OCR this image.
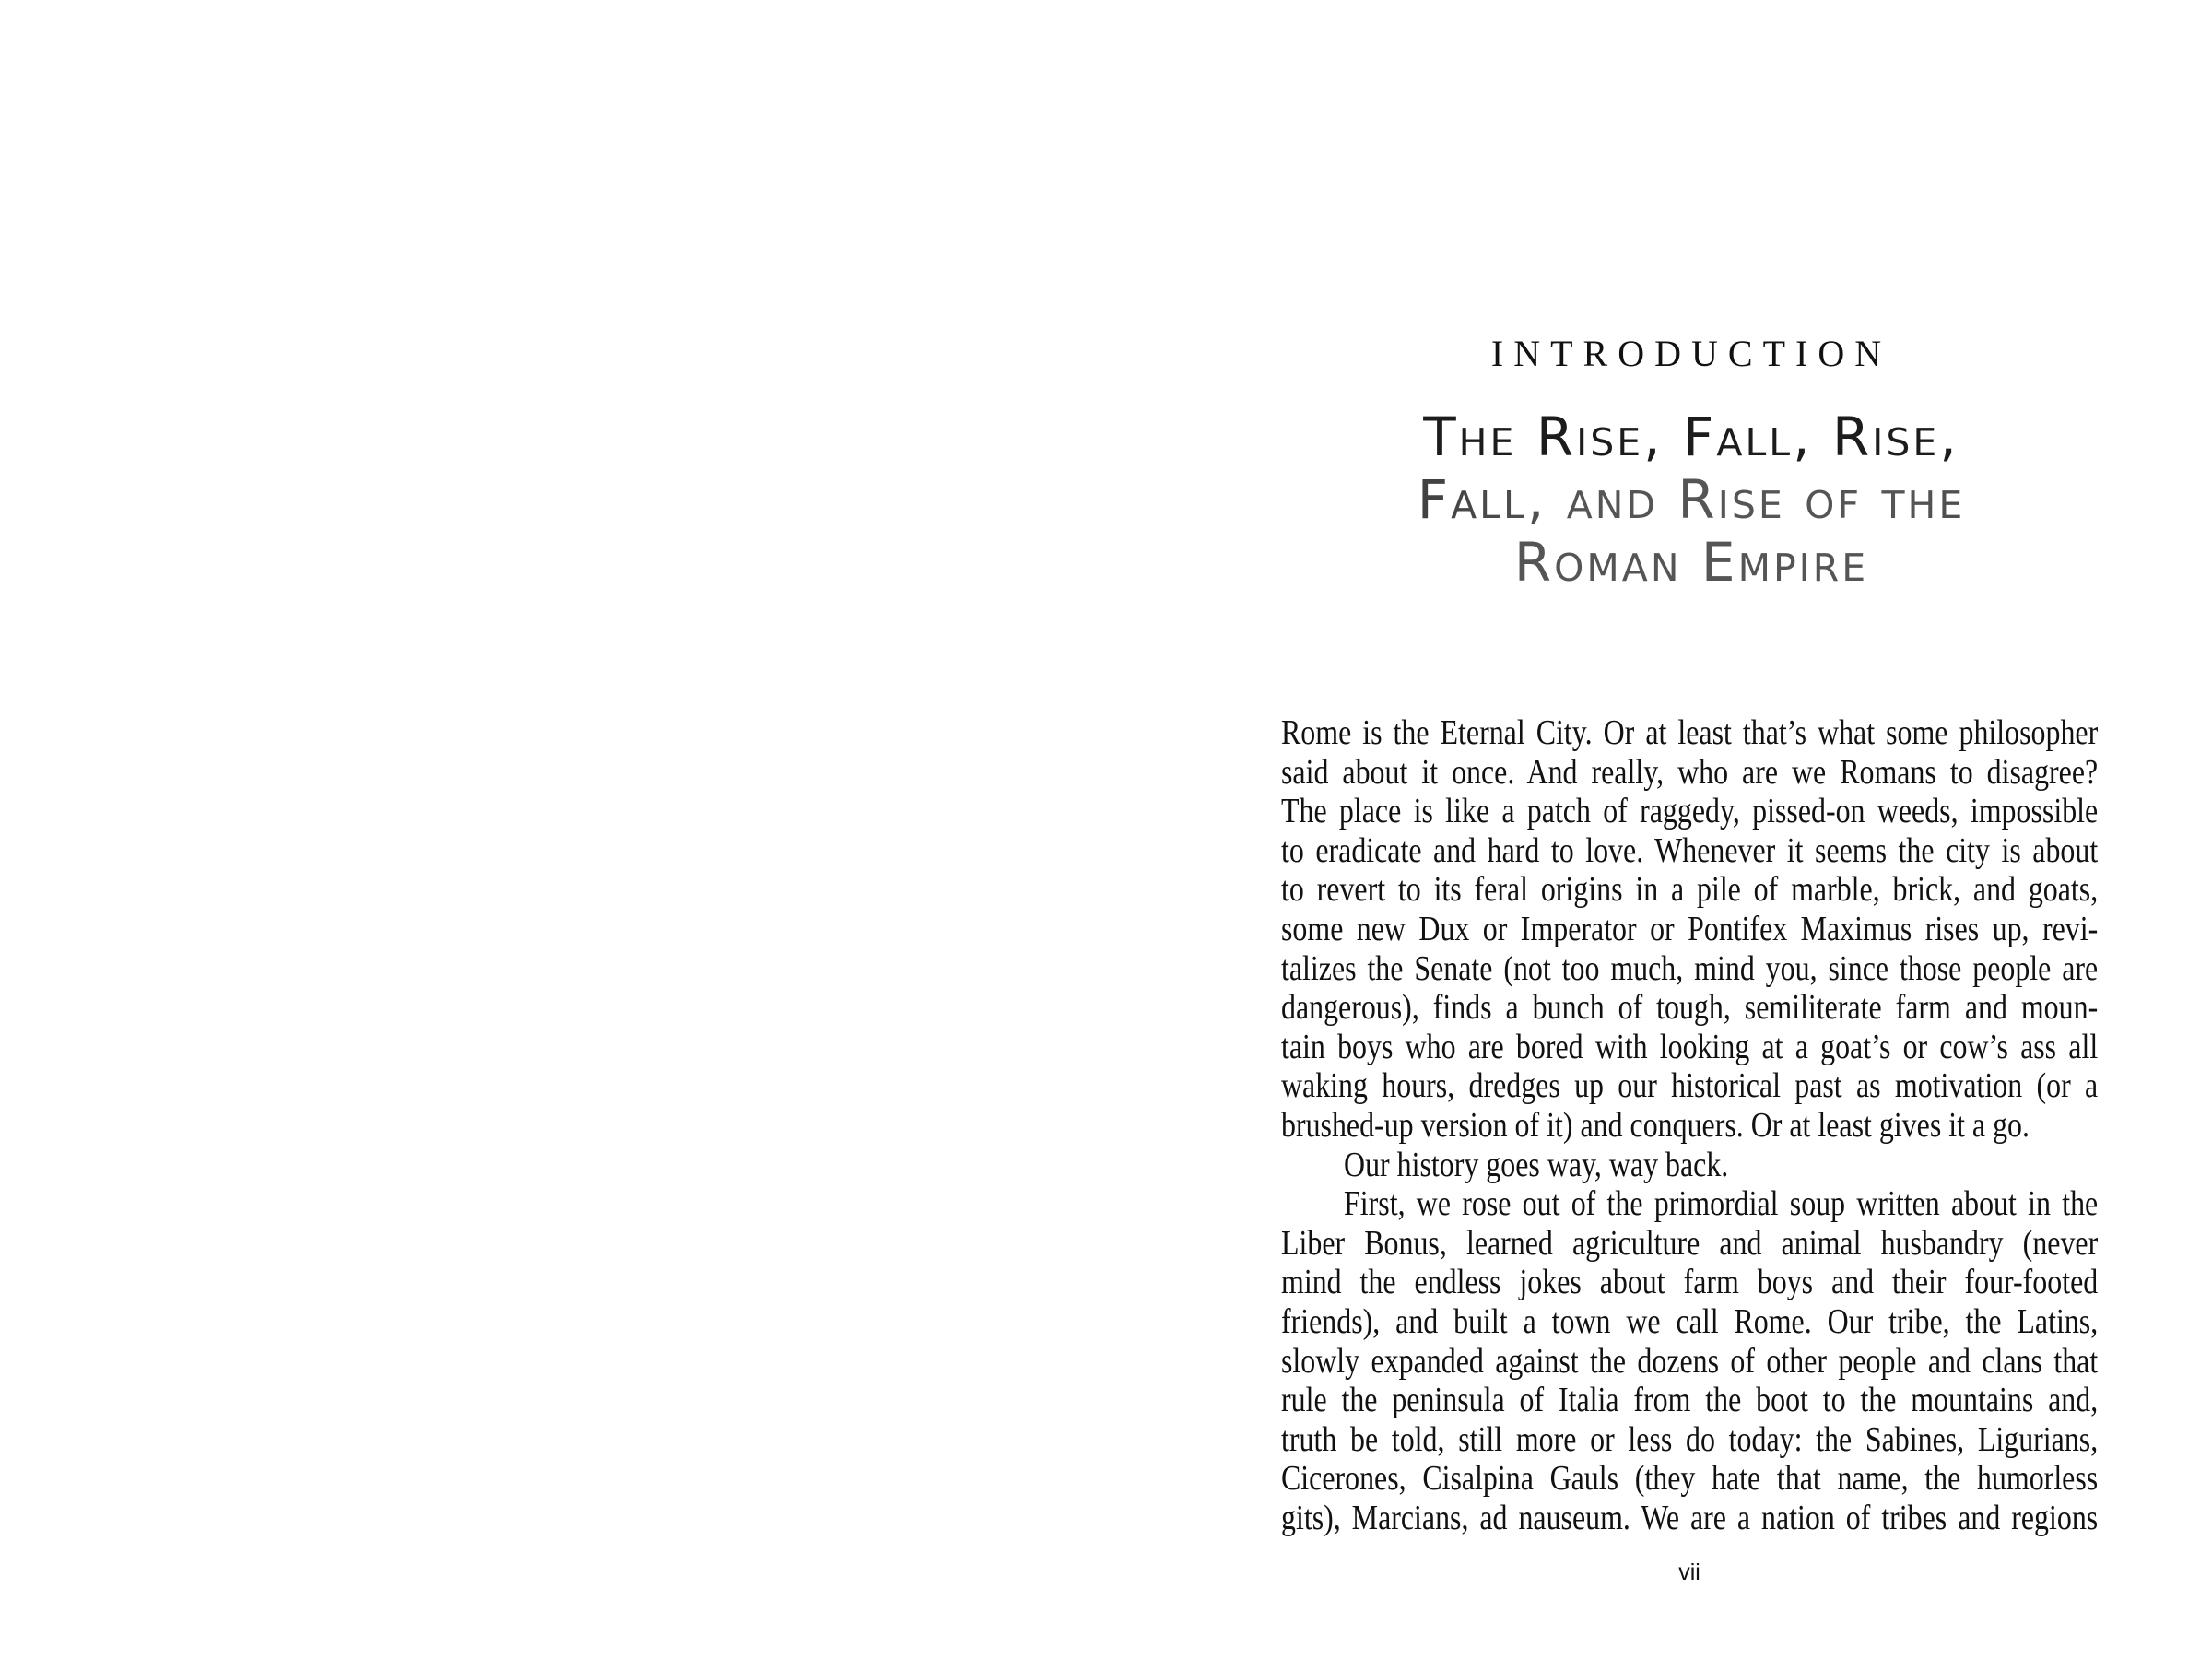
INTRODUCTION
The Rise, Fall, Rise,
Fall, and Rise of the
Roman Empire
Rome is the Eternal City. Or at least that’s what some philosopher
said about it once. And really, who are we Romans to disagree?
The place is like a patch of raggedy, pissed-on weeds, impossible
to eradicate and hard to love. Whenever it seems the city is about
to revert to its feral origins in a pile of marble, brick, and goats,
some new Dux or Imperator or Pontifex Maximus rises up, revi-
talizes the Senate (not too much, mind you, since those people are
dangerous), finds a bunch of tough, semiliterate farm and moun-
tain boys who are bored with looking at a goat’s or cow’s ass all
waking hours, dredges up our historical past as motivation (or a
brushed-up version of it) and conquers. Or at least gives it a go.
Our history goes way, way back.
First, we rose out of the primordial soup written about in the
Liber Bonus, learned agriculture and animal husbandry (never
mind the endless jokes about farm boys and their four-footed
friends), and built a town we call Rome. Our tribe, the Latins,
slowly expanded against the dozens of other people and clans that
rule the peninsula of Italia from the boot to the mountains and,
truth be told, still more or less do today: the Sabines, Ligurians,
Cicerones, Cisalpina Gauls (they hate that name, the humorless
gits), Marcians, ad nauseum. We are a nation of tribes and regions
vii
